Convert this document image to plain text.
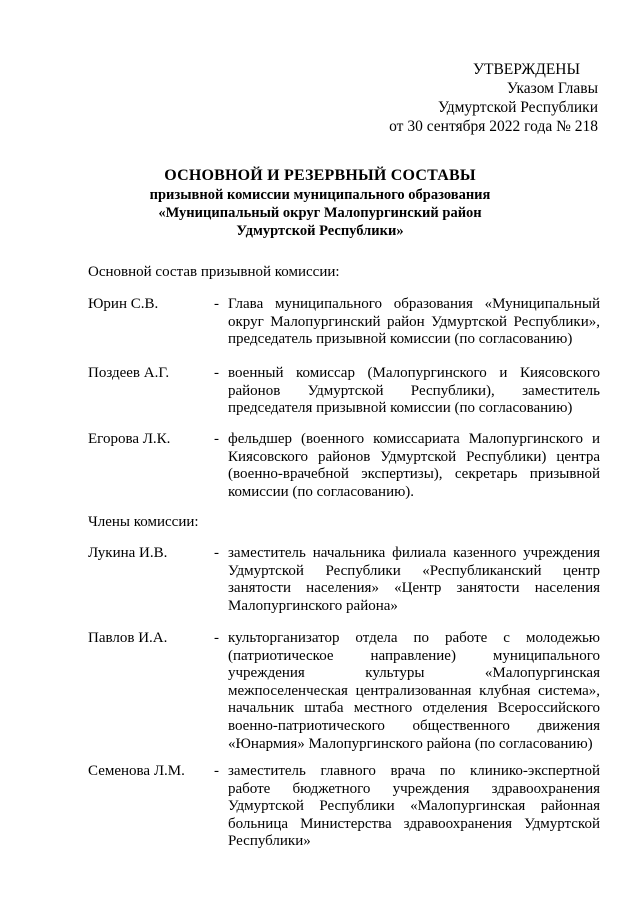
УТВЕРЖДЕНЫ
Указом Главы
Удмуртской Республики
от 30 сентября 2022 года № 218
ОСНОВНОЙ И РЕЗЕРВНЫЙ СОСТАВЫ
призывной комиссии муниципального образования
«Муниципальный округ Малопургинский район
Удмуртской Республики»
Основной состав призывной комиссии:
Юрин С.В.	- Глава муниципального образования «Муниципальный округ Малопургинский район Удмуртской Республики», председатель призывной комиссии (по согласованию)
Поздеев А.Г.	- военный комиссар (Малопургинского и Киясовского районов Удмуртской Республики), заместитель председателя призывной комиссии (по согласованию)
Егорова Л.К.	- фельдшер (военного комиссариата Малопургинского и Киясовского районов Удмуртской Республики) центра (военно-врачебной экспертизы), секретарь призывной комиссии (по согласованию).
Члены комиссии:
Лукина И.В.	- заместитель начальника филиала казенного учреждения Удмуртской Республики «Республиканский центр занятости населения» «Центр занятости населения Малопургинского района»
Павлов И.А.	- культорганизатор отдела по работе с молодежью (патриотическое направление) муниципального учреждения культуры «Малопургинская межпоселенческая централизованная клубная система», начальник штаба местного отделения Всероссийского военно-патриотического общественного движения «Юнармия» Малопургинского района (по согласованию)
Семенова Л.М.	- заместитель главного врача по клинико-экспертной работе бюджетного учреждения здравоохранения Удмуртской Республики «Малопургинская районная больница Министерства здравоохранения Удмуртской Республики»
